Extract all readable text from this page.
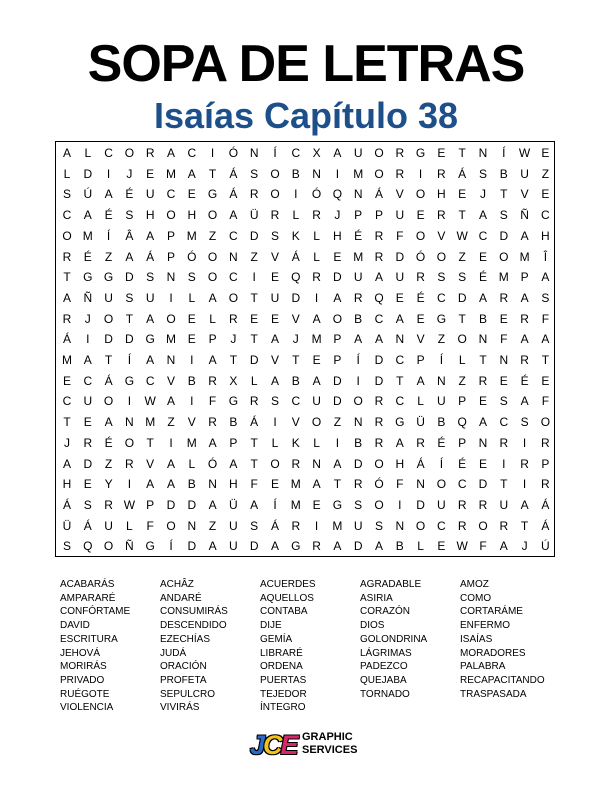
SOPA DE LETRAS
Isaías Capítulo 38
A	L	C O R	A	C	I	Ó N	Í	C	X	A	U O R G	E	T	N	Í	W E
L	D	I	J	E M A	T	Á	S	O	B	N	I	M O R	I	R	Á	S	B	U	Z
S	Ú	A	É	U	C	E	G	Á	R O	I	Ó Q N	Á	V	O H	E	J	T	V	E
C	A	É	S	H O H O	A	Ü	R	L	R	J	P	P	U	E	R	T	A	S	Ñ	C
O M	Í	Â	A	P M	Z	C	D	S	K	L	H	É	R	F	O	V W C	D	A	H
R	É	Z	A	Á	P	Ó O N	Z	V	Á	L	E M R	D Ó O	Z	E	O M	Î
T	G G D	S	N	S	O C	I	E	Q R	D	U	A	U	R	S	S	É M P	A
A	Ñ	U	S	U	I	L	A	O	T	U	D	I	A	R Q	E	É	C	D	A	R	A	S
R	J	O	T	A	O	E	L	R	E	E	V	A	O	B	C	A	E	G	T	B	E	R	F
Á	I	D	D G M E	P	J	T	A	J	M P	A	A	N	V	Z	O N	F	A	A
M A	T	Í	A	N	I	A	T	D	V	T	E	P	Í	D	C	P	Í	L	T	N	R	T
E	C	Á	G C	V	B	R	X	L	A	B	A	D	I	D	T	A	N	Z	R	E	É	E
C	U O	I	W A	I	F	G R	S	C	U	D O R	C	L	U	P	E	S	A	F
T	E	A	N M	Z	V	R	B	Á	I	V	O	Z	N	R G Ü	B	Q	A	C	S	O
J	R	É	O	T	I	M A	P	T	L	K	L	I	B	R	A	R	É	P	N	R	I	R
A	D	Z	R	V	A	L	Ó	A	T	O R	N	A	D O H	Á	Í	É	E	I	R	P
H	E	Y	I	A	A	B	N	H	F	E M A	T	R Ó	F	N O C	D	T	I	R
Á	S	R W P	D	D	A	Ü	A	Í	M E	G	S	O	I	D	U	R	R	U	A	Á
Ü	Á	U	L	F	O N	Z	U	S	Á	R	I	M U	S	N O C	R O R	T	Á
S	Q O Ñ G	Í	D	A	U	D	A	G R	A	D	A	B	L	E W F	A	J	Ú
ACABARÁS
AMPARARÉ
CONFÓRTAME
DAVID
ESCRITURA
JEHOVÁ
MORIRÁS
PRIVADO
RUÉGOTE
VIOLENCIA
ACHÂZ
ANDARÉ
CONSUMIRÁS
DESCENDIDO
EZECHÍAS
JUDÁ
ORACIÓN
PROFETA
SEPULCRO
VIVIRÁS
ACUERDES
AQUELLOS
CONTABA
DIJE
GEMÍA
LIBRARÉ
ORDENA
PUERTAS
TEJEDOR
ÍNTEGRO
AGRADABLE
ASIRIA
CORAZÓN
DIOS
GOLONDRINA
LÁGRIMAS
PADEZCO
QUEJABA
TORNADO
AMOZ
COMO
CORTARÁME
ENFERMO
ISAÍAS
MORADORES
PALABRA
RECAPACITANDO
TRASPASADA
JCE GRAPHIC
SERVICES
